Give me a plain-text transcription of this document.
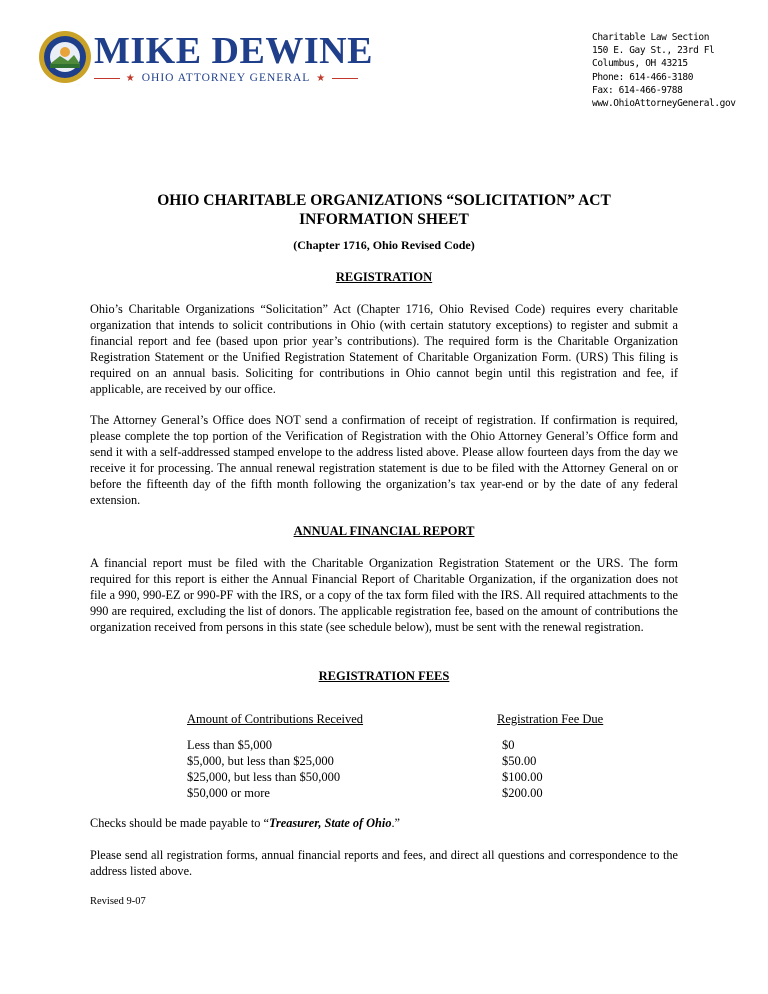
MIKE DEWINE
★ OHIO ATTORNEY GENERAL ★
Charitable Law Section
150 E. Gay St., 23rd Fl
Columbus, OH 43215
Phone: 614-466-3180
Fax: 614-466-9788
www.OhioAttorneyGeneral.gov
OHIO CHARITABLE ORGANIZATIONS “SOLICITATION” ACT
INFORMATION SHEET
(Chapter 1716, Ohio Revised Code)
REGISTRATION
Ohio’s Charitable Organizations “Solicitation” Act (Chapter 1716, Ohio Revised Code) requires every charitable organization that intends to solicit contributions in Ohio (with certain statutory exceptions) to register and submit a financial report and fee (based upon prior year’s contributions). The required form is the Charitable Organization Registration Statement or the Unified Registration Statement of Charitable Organization Form. (URS) This filing is required on an annual basis. Soliciting for contributions in Ohio cannot begin until this registration and fee, if applicable, are received by our office.
The Attorney General’s Office does NOT send a confirmation of receipt of registration. If confirmation is required, please complete the top portion of the Verification of Registration with the Ohio Attorney General’s Office form and send it with a self-addressed stamped envelope to the address listed above. Please allow fourteen days from the day we receive it for processing. The annual renewal registration statement is due to be filed with the Attorney General on or before the fifteenth day of the fifth month following the organization’s tax year-end or by the date of any federal extension.
ANNUAL FINANCIAL REPORT
A financial report must be filed with the Charitable Organization Registration Statement or the URS. The form required for this report is either the Annual Financial Report of Charitable Organization, if the organization does not file a 990, 990-EZ or 990-PF with the IRS, or a copy of the tax form filed with the IRS. All required attachments to the 990 are required, excluding the list of donors. The applicable registration fee, based on the amount of contributions the organization received from persons in this state (see schedule below), must be sent with the renewal registration.
REGISTRATION FEES
Amount of Contributions Received	Registration Fee Due
Less than $5,000	$0
$5,000, but less than $25,000	$50.00
$25,000, but less than $50,000	$100.00
$50,000 or more	$200.00
Checks should be made payable to “Treasurer, State of Ohio.”
Please send all registration forms, annual financial reports and fees, and direct all questions and correspondence to the address listed above.
Revised 9-07
